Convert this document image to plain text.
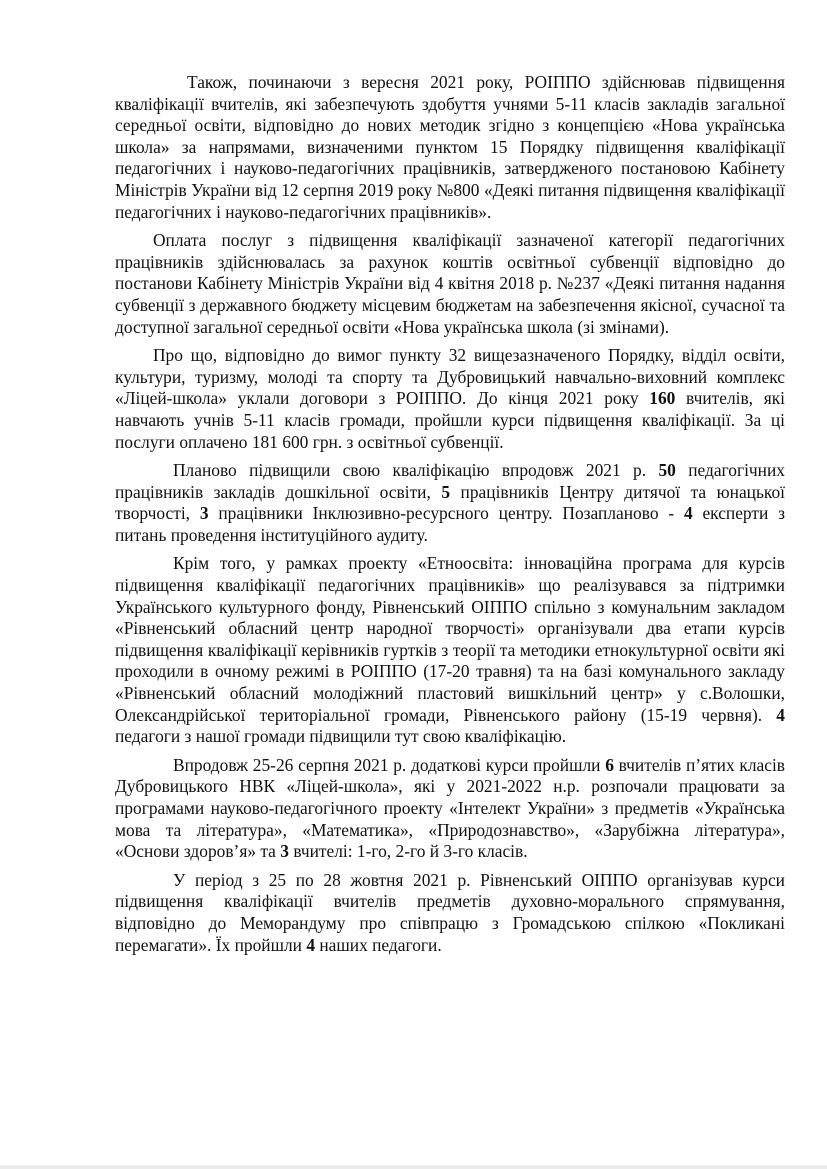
Також, починаючи з вересня 2021 року, РОІППО здійснював підвищення кваліфікації вчителів, які забезпечують здобуття учнями 5-11 класів закладів загальної середньої освіти, відповідно до нових методик згідно з концепцією «Нова українська школа» за напрямами, визначеними пунктом 15 Порядку підвищення кваліфікації педагогічних і науково-педагогічних працівників, затвердженого постановою Кабінету Міністрів України від 12 серпня 2019 року №800 «Деякі питання підвищення кваліфікації педагогічних і науково-педагогічних працівників».

Оплата послуг з підвищення кваліфікації зазначеної категорії педагогічних працівників здійснювалась за рахунок коштів освітньої субвенції відповідно до постанови Кабінету Міністрів України від 4 квітня 2018 р. №237 «Деякі питання надання субвенції з державного бюджету місцевим бюджетам на забезпечення якісної, сучасної та доступної загальної середньої освіти «Нова українська школа (зі змінами).

Про що, відповідно до вимог пункту 32 вищезазначеного Порядку, відділ освіти, культури, туризму, молоді та спорту та Дубровицький навчально-виховний комплекс «Ліцей-школа» уклали договори з РОІППО. До кінця 2021 року 160 вчителів, які навчають учнів 5-11 класів громади, пройшли курси підвищення кваліфікації. За ці послуги оплачено 181 600 грн. з освітньої субвенції.

Планово підвищили свою кваліфікацію впродовж 2021 р. 50 педагогічних працівників закладів дошкільної освіти, 5 працівників Центру дитячої та юнацької творчості, 3 працівники Інклюзивно-ресурсного центру. Позапланово - 4 експерти з питань проведення інституційного аудиту.

Крім того, у рамках проекту «Етноосвіта: інноваційна програма для курсів підвищення кваліфікації педагогічних працівників» що реалізувався за підтримки Українського культурного фонду, Рівненський ОІППО спільно з комунальним закладом «Рівненський обласний центр народної творчості» організували два етапи курсів підвищення кваліфікації керівників гуртків з теорії та методики етнокультурної освіти які проходили в очному режимі в РОІППО (17-20 травня) та на базі комунального закладу «Рівненський обласний молодіжний пластовий вишкільний центр» у с.Волошки, Олександрійської територіальної громади, Рівненського району (15-19 червня). 4 педагоги з нашої громади підвищили тут свою кваліфікацію.

Впродовж 25-26 серпня 2021 р. додаткові курси пройшли 6 вчителів п’ятих класів Дубровицького НВК «Ліцей-школа», які у 2021-2022 н.р. розпочали працювати за програмами науково-педагогічного проекту «Інтелект України» з предметів «Українська мова та література», «Математика», «Природознавство», «Зарубіжна література», «Основи здоров’я» та 3 вчителі: 1-го, 2-го й 3-го класів.

У період з 25 по 28 жовтня 2021 р. Рівненський ОІППО організував курси підвищення кваліфікації вчителів предметів духовно-морального спрямування, відповідно до Меморандуму про співпрацю з Громадською спілкою «Покликані перемагати». Їх пройшли 4 наших педагоги.
